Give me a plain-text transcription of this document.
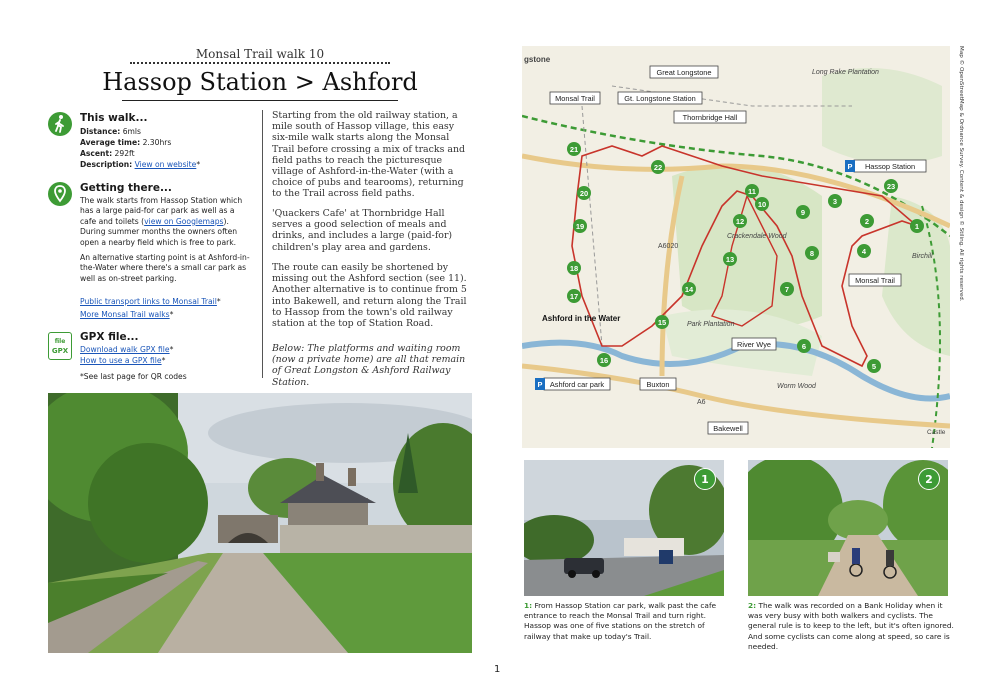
Monsal Trail walk 10
Hassop Station > Ashford
This walk...
Distance: 6mls
Average time: 2.30hrs
Ascent: 292ft
Description: View on website*
Getting there...
The walk starts from Hassop Station which has a large paid-for car park as well as a cafe and toilets (view on Googlemaps). During summer months the owners often open a nearby field which is free to park.
An alternative starting point is at Ashford-in-the-Water where there's a small car park as well as on-street parking.
Public transport links to Monsal Trail*
More Monsal Trail walks*
file
GPX
GPX file...
Download walk GPX file*
How to use a GPX file*
*See last page for QR codes
Starting from the old railway station, a mile south of Hassop village, this easy six-mile walk starts along the Monsal Trail before crossing a mix of tracks and field paths to reach the picturesque village of Ashford-in-the-Water (with a choice of pubs and tearooms), returning to the Trail across field paths.
'Quackers Cafe' at Thornbridge Hall serves a good selection of meals and drinks, and includes a large (paid-for) children's play area and gardens.
The route can easily be shortened by missing out the Ashford section (see 11). Another alternative is to continue from 5 into Bakewell, and return along the Trail to Hassop from the town's old railway station at the top of Station Road.
Below: The platforms and waiting room (now a private home) are all that remain of Great Longston & Ashford Railway Station.
1
1
2
3
4
5
6
7
8
9
10
11
12
13
14
15
16
17
18
19
20
21
22
23
Great Longstone
Monsal Trail	Gt. Longstone Station
Thornbridge Hall
P Hassop Station
Monsal Trail
River Wye
P Ashford car park	Buxton
Bakewell
gstone
Long Rake Plantation
Crackendale Wood
Park Plantation
Worm Wood
Birchill
A6020
A6
Castle
Ashford in the Water
Map © OpenStreetMap & Ordnance Survey. Content & design © Stiling. All rights reserved.
1	2
1: From Hassop Station car park, walk past the cafe entrance to reach the Monsal Trail and turn right. Hassop was one of five stations on the stretch of railway that make up today's Trail.
2: The walk was recorded on a Bank Holiday when it was very busy with both walkers and cyclists. The general rule is to keep to the left, but it's often ignored. And some cyclists can come along at speed, so care is needed.
